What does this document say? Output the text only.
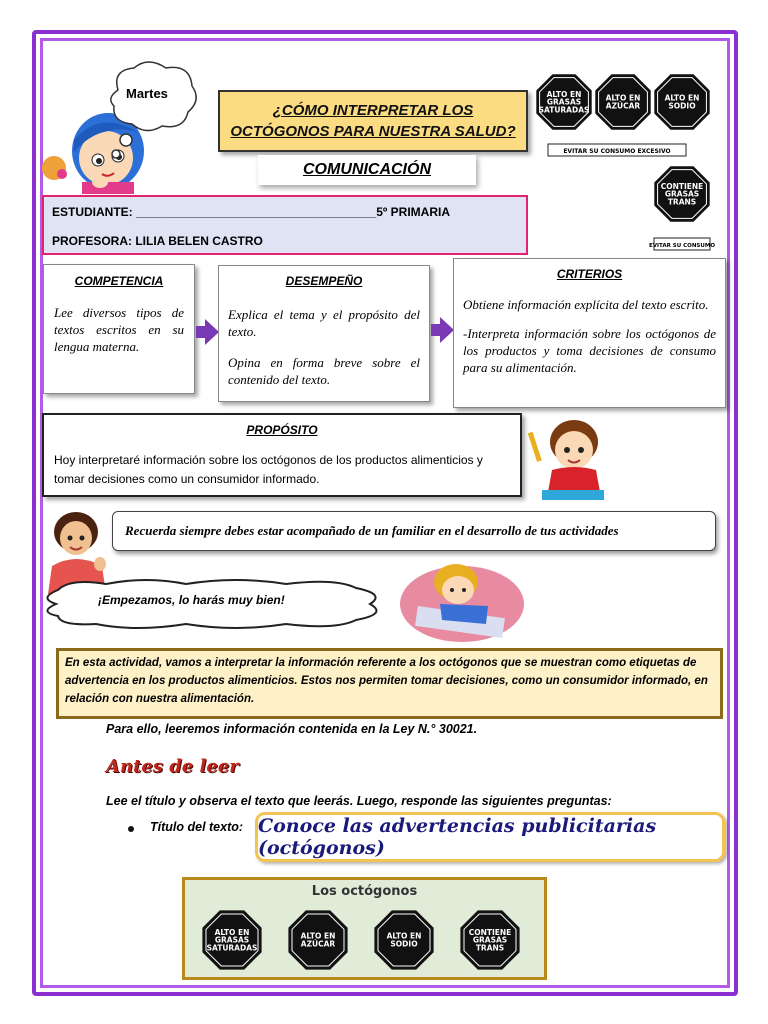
Martes
¿CÓMO INTERPRETAR LOS
OCTÓGONOS PARA NUESTRA SALUD?
COMUNICACIÓN
ALTO EN GRASAS SATURADAS
ALTO EN AZÚCAR
ALTO EN SODIO
CONTIENE GRASAS TRANS
EVITAR SU CONSUMO EXCESIVO
EVITAR SU CONSUMO
ESTUDIANTE: ____________________________________5º PRIMARIA
PROFESORA: LILIA BELEN CASTRO
COMPETENCIA

Lee diversos tipos de textos escritos en su lengua materna.

DESEMPEÑO

Explica el tema y el propósito del texto.

Opina en forma breve sobre el contenido del texto.

CRITERIOS

Obtiene información explícita del texto escrito.

-Interpreta información sobre los octógonos de los productos y toma decisiones de consumo para su alimentación.

PROPÓSITO
Hoy interpretaré información sobre los octógonos de los productos alimenticios y tomar decisiones como un consumidor informado.
Recuerda siempre debes estar acompañado de un familiar en el desarrollo de tus actividades
¡Empezamos, lo harás muy bien!
En esta actividad, vamos a interpretar la información referente a los octógonos que se muestran como etiquetas de advertencia en los productos alimenticios. Estos nos permiten tomar decisiones, como un consumidor informado, en relación con nuestra alimentación.
Para ello, leeremos información contenida en la Ley N.° 30021.
Antes de leer
Lee el título y observa el texto que leerás. Luego, responde las siguientes preguntas:
Título del texto: Conoce las advertencias publicitarias (octógonos)
Los octógonos
ALTO EN GRASAS SATURADAS
ALTO EN AZÚCAR
ALTO EN SODIO
CONTIENE GRASAS TRANS
